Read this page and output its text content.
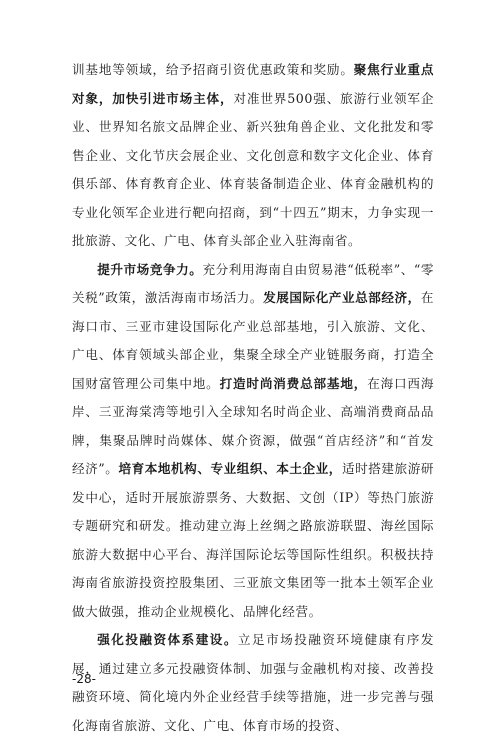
训基地等领域，给予招商引资优惠政策和奖励。聚焦行业重点对象，加快引进市场主体，对准世界500强、旅游行业领军企业、世界知名旅文品牌企业、新兴独角兽企业、文化批发和零售企业、文化节庆会展企业、文化创意和数字文化企业、体育俱乐部、体育教育企业、体育装备制造企业、体育金融机构的专业化领军企业进行靶向招商，到“十四五”期末，力争实现一批旅游、文化、广电、体育头部企业入驻海南省。

提升市场竞争力。充分利用海南自由贸易港“低税率”、“零关税”政策，激活海南市场活力。发展国际化产业总部经济，在海口市、三亚市建设国际化产业总部基地，引入旅游、文化、广电、体育领域头部企业，集聚全球全产业链服务商，打造全国财富管理公司集中地。打造时尚消费总部基地，在海口西海岸、三亚海棠湾等地引入全球知名时尚企业、高端消费商品品牌，集聚品牌时尚媒体、媒介资源，做强“首店经济”和“首发经济”。培育本地机构、专业组织、本土企业，适时搭建旅游研发中心，适时开展旅游票务、大数据、文创（IP）等热门旅游专题研究和研发。推动建立海上丝绸之路旅游联盟、海丝国际旅游大数据中心平台、海洋国际论坛等国际性组织。积极扶持海南省旅游投资控股集团、三亚旅文集团等一批本土领军企业做大做强，推动企业规模化、品牌化经营。

强化投融资体系建设。立足市场投融资环境健康有序发展，通过建立多元投融资体制、加强与金融机构对接、改善投融资环境、简化境内外企业经营手续等措施，进一步完善与强化海南省旅游、文化、广电、体育市场的投资、

-28-
